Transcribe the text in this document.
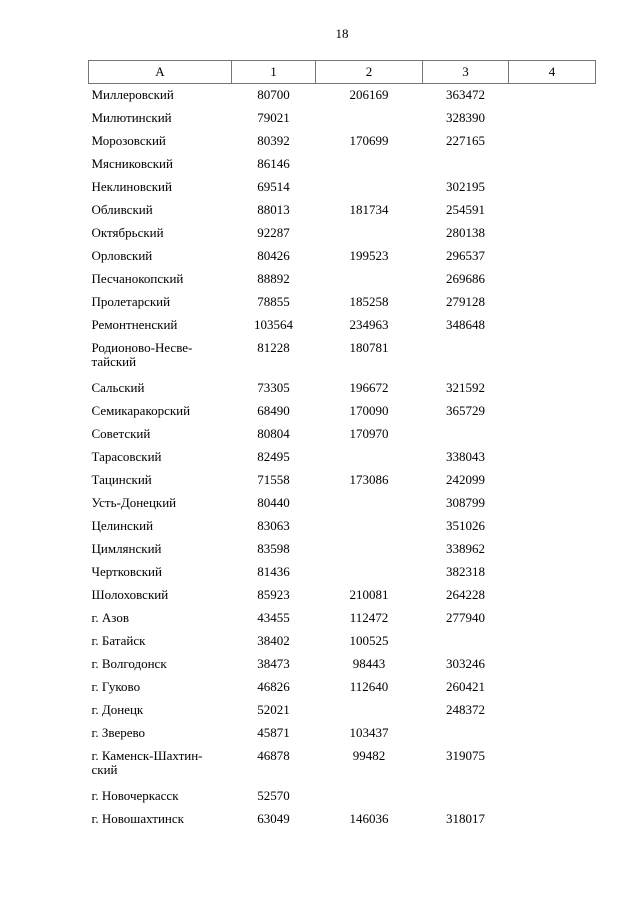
18
А	1	2	3	4
Миллеровский	80700	206169	363472	
Милютинский	79021		328390	
Морозовский	80392	170699	227165	
Мясниковский	86146			
Неклиновский	69514		302195	
Обливский	88013	181734	254591	
Октябрьский	92287		280138	
Орловский	80426	199523	296537	
Песчанокопский	88892		269686	
Пролетарский	78855	185258	279128	
Ремонтненский	103564	234963	348648	
Родионово-Несве-
тайский	81228	180781		
Сальский	73305	196672	321592	
Семикаракорский	68490	170090	365729	
Советский	80804	170970		
Тарасовский	82495		338043	
Тацинский	71558	173086	242099	
Усть-Донецкий	80440		308799	
Целинский	83063		351026	
Цимлянский	83598		338962	
Чертковский	81436		382318	
Шолоховский	85923	210081	264228	
г. Азов	43455	112472	277940	
г. Батайск	38402	100525		
г. Волгодонск	38473	98443	303246	
г. Гуково	46826	112640	260421	
г. Донецк	52021		248372	
г. Зверево	45871	103437		
г. Каменск-Шахтин-
ский	46878	99482	319075	
г. Новочеркасск	52570			
г. Новошахтинск	63049	146036	318017	
